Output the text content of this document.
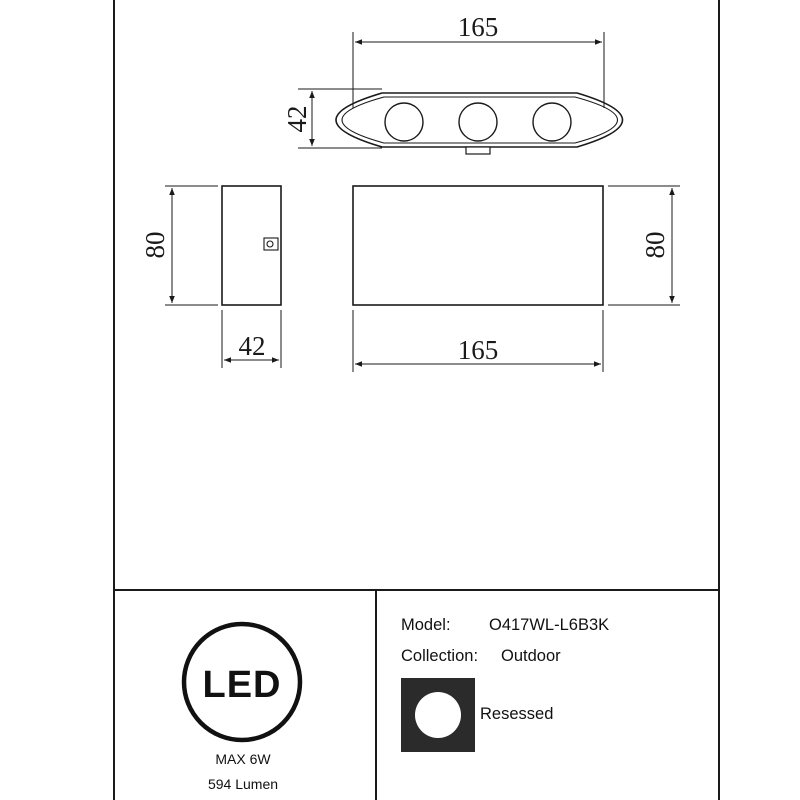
165
42
80
42
80
165
LED
MAX 6W
594 Lumen
Model: O417WL-L6B3K
Collection: Outdoor
Resessed
